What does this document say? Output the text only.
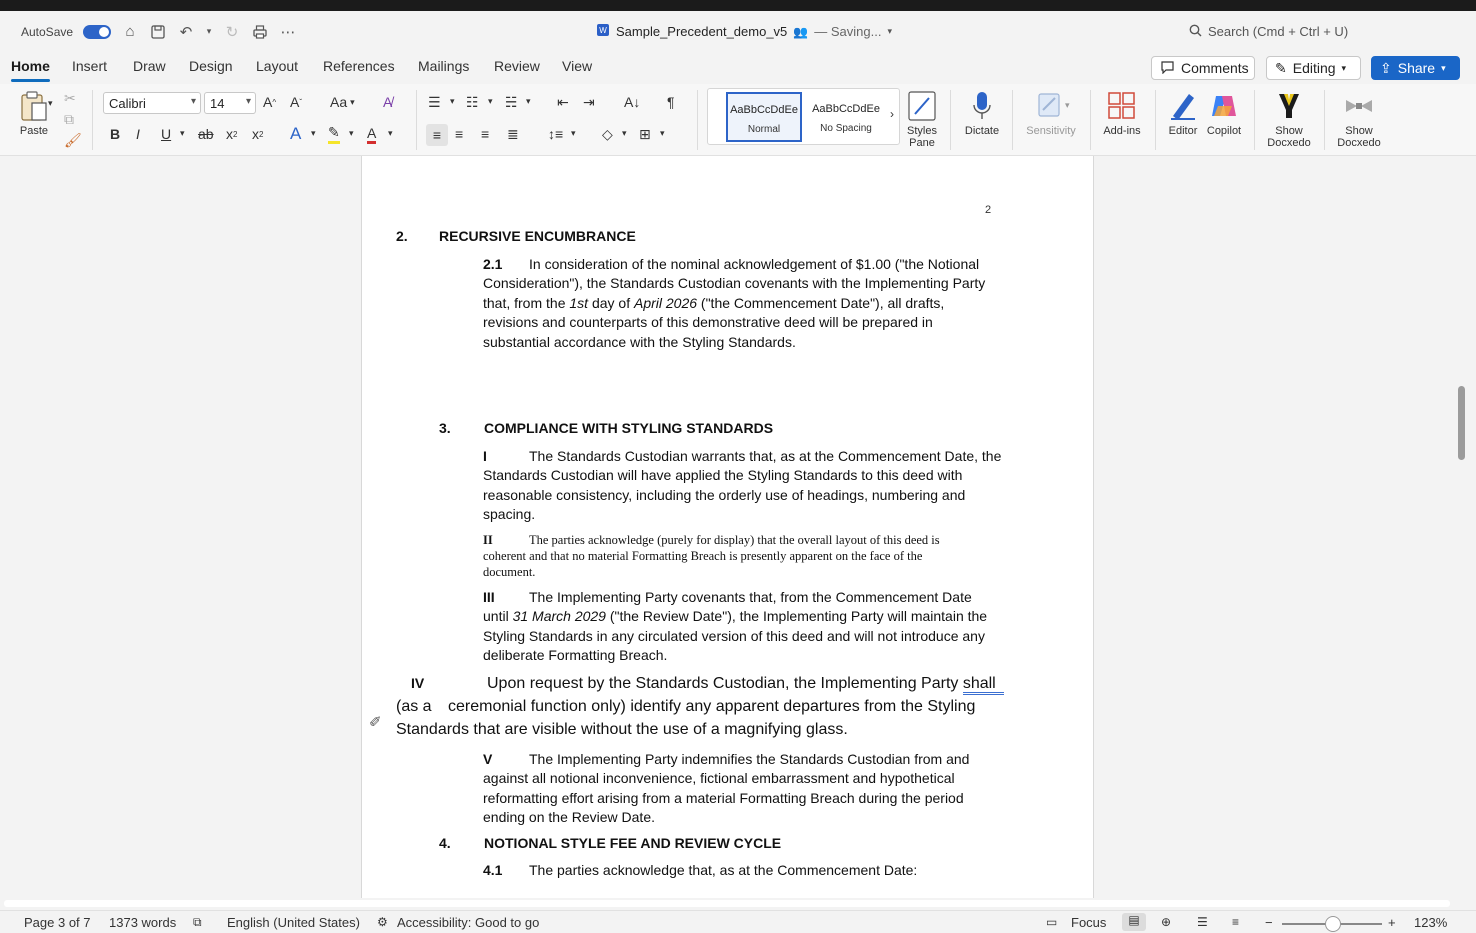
AutoSave	⌂	↶	▾ ↻	⋯	W Sample_Precedent_demo_v5 👥 — Saving... ▾	Search (Cmd + Ctrl + U)
Home Insert Draw Design Layout References Mailings Review View	Comments ✎ Editing ▾ ⇪ Share ▾
Paste
▾ ✂
⧉
🖌
Calibri	▾ 14 ▾ A ^ A ˇ Aa ▾ A̸
B I U ▾ ab x 2 x 2 A ▾ ✎ ▾ A ▾
☰ ▾ ☷ ▾ ☵ ▾ ⇤ ⇥ A↓ ¶
≡ ≡ ≡ ≣ ↕≡ ▾ ◇ ▾ ⊞ ▾
AaBbCcDdEe
Normal
AaBbCcDdEe
No Spacing
›
Styles
Pane
Dictate
▾
Sensitivity	Add-ins	Editor Copilot	Show
Docxedo
Show
Docxedo
2
2. RECURSIVE ENCUMBRANCE
2.1 In consideration of the nominal acknowledgement of $1.00 ("the Notional
Consideration"), the Standards Custodian covenants with the Implementing Party
that, from the 1st day of April 2026 ("the Commencement Date"), all drafts,
revisions and counterparts of this demonstrative deed will be prepared in
substantial accordance with the Styling Standards.
3. COMPLIANCE WITH STYLING STANDARDS
I	The Standards Custodian warrants that, as at the Commencement Date, the
Standards Custodian will have applied the Styling Standards to this deed with
reasonable consistency, including the orderly use of headings, numbering and
spacing.
II	The parties acknowledge (purely for display) that the overall layout of this deed is
coherent and that no material Formatting Breach is presently apparent on the face of the
document.
III The Implementing Party covenants that, from the Commencement Date
until 31 March 2029 ("the Review Date"), the Implementing Party will maintain the
Styling Standards in any circulated version of this deed and will not introduce any
deliberate Formatting Breach.
IV	Upon request by the Standards Custodian, the Implementing Party shall
(as a ceremonial function only) identify any apparent departures from the Styling
Standards that are visible without the use of a magnifying glass.
V	The Implementing Party indemnifies the Standards Custodian from and
against all notional inconvenience, fictional embarrassment and hypothetical
reformatting effort arising from a material Formatting Breach during the period
ending on the Review Date.
4. NOTIONAL STYLE FEE AND REVIEW CYCLE
4.1 The parties acknowledge that, as at the Commencement Date:
✐
Page 3 of 7 1373 words ⧉ English (United States) ⚙ Accessibility: Good to go	▭ Focus	▤	⊕ ☰ ≡ −	+ 123%
